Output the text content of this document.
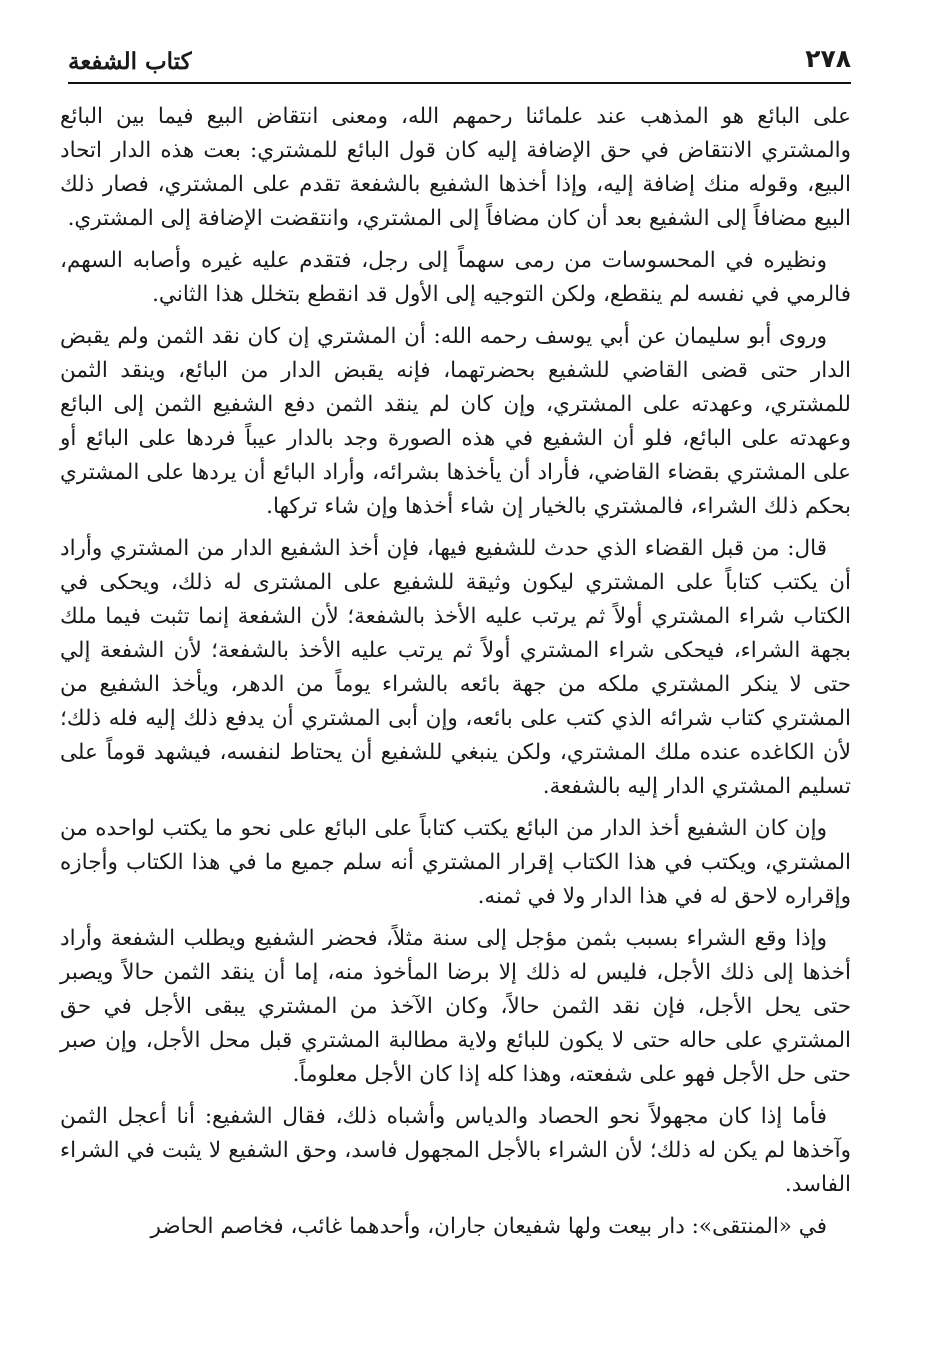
٢٧٨
كتاب الشفعة

على البائع هو المذهب عند علمائنا رحمهم الله، ومعنى انتقاض البيع فيما بين البائع والمشتري الانتقاض في حق الإضافة إليه كان قول البائع للمشتري: بعت هذه الدار اتحاد البيع، وقوله منك إضافة إليه، وإذا أخذها الشفيع بالشفعة تقدم على المشتري، فصار ذلك البيع مضافاً إلى الشفيع بعد أن كان مضافاً إلى المشتري، وانتقضت الإضافة إلى المشتري.

ونظيره في المحسوسات من رمى سهماً إلى رجل، فتقدم عليه غيره وأصابه السهم، فالرمي في نفسه لم ينقطع، ولكن التوجيه إلى الأول قد انقطع بتخلل هذا الثاني.

وروى أبو سليمان عن أبي يوسف رحمه الله: أن المشتري إن كان نقد الثمن ولم يقبض الدار حتى قضى القاضي للشفيع بحضرتهما، فإنه يقبض الدار من البائع، وينقد الثمن للمشتري، وعهدته على المشتري، وإن كان لم ينقد الثمن دفع الشفيع الثمن إلى البائع وعهدته على البائع، فلو أن الشفيع في هذه الصورة وجد بالدار عيباً فردها على البائع أو على المشتري بقضاء القاضي، فأراد أن يأخذها بشرائه، وأراد البائع أن يردها على المشتري بحكم ذلك الشراء، فالمشتري بالخيار إن شاء أخذها وإن شاء تركها.

قال: من قبل القضاء الذي حدث للشفيع فيها، فإن أخذ الشفيع الدار من المشتري وأراد أن يكتب كتاباً على المشتري ليكون وثيقة للشفيع على المشترى له ذلك، ويحكى في الكتاب شراء المشتري أولاً ثم يرتب عليه الأخذ بالشفعة؛ لأن الشفعة إنما تثبت فيما ملك بجهة الشراء، فيحكى شراء المشتري أولاً ثم يرتب عليه الأخذ بالشفعة؛ لأن الشفعة إلي حتى لا ينكر المشتري ملكه من جهة بائعه بالشراء يوماً من الدهر، ويأخذ الشفيع من المشتري كتاب شرائه الذي كتب على بائعه، وإن أبى المشتري أن يدفع ذلك إليه فله ذلك؛ لأن الكاغده عنده ملك المشتري، ولكن ينبغي للشفيع أن يحتاط لنفسه، فيشهد قوماً على تسليم المشتري الدار إليه بالشفعة.

وإن كان الشفيع أخذ الدار من البائع يكتب كتاباً على البائع على نحو ما يكتب لواحده من المشتري، ويكتب في هذا الكتاب إقرار المشتري أنه سلم جميع ما في هذا الكتاب وأجازه وإقراره لاحق له في هذا الدار ولا في ثمنه.

وإذا وقع الشراء بسبب بثمن مؤجل إلى سنة مثلاً، فحضر الشفيع ويطلب الشفعة وأراد أخذها إلى ذلك الأجل، فليس له ذلك إلا برضا المأخوذ منه، إما أن ينقد الثمن حالاً ويصبر حتى يحل الأجل، فإن نقد الثمن حالاً، وكان الآخذ من المشتري يبقى الأجل في حق المشتري على حاله حتى لا يكون للبائع ولاية مطالبة المشتري قبل محل الأجل، وإن صبر حتى حل الأجل فهو على شفعته، وهذا كله إذا كان الأجل معلوماً.

فأما إذا كان مجهولاً نحو الحصاد والدياس وأشباه ذلك، فقال الشفيع: أنا أعجل الثمن وآخذها لم يكن له ذلك؛ لأن الشراء بالأجل المجهول فاسد، وحق الشفيع لا يثبت في الشراء الفاسد.

في «المنتقى»: دار بيعت ولها شفيعان جاران، وأحدهما غائب، فخاصم الحاضر
